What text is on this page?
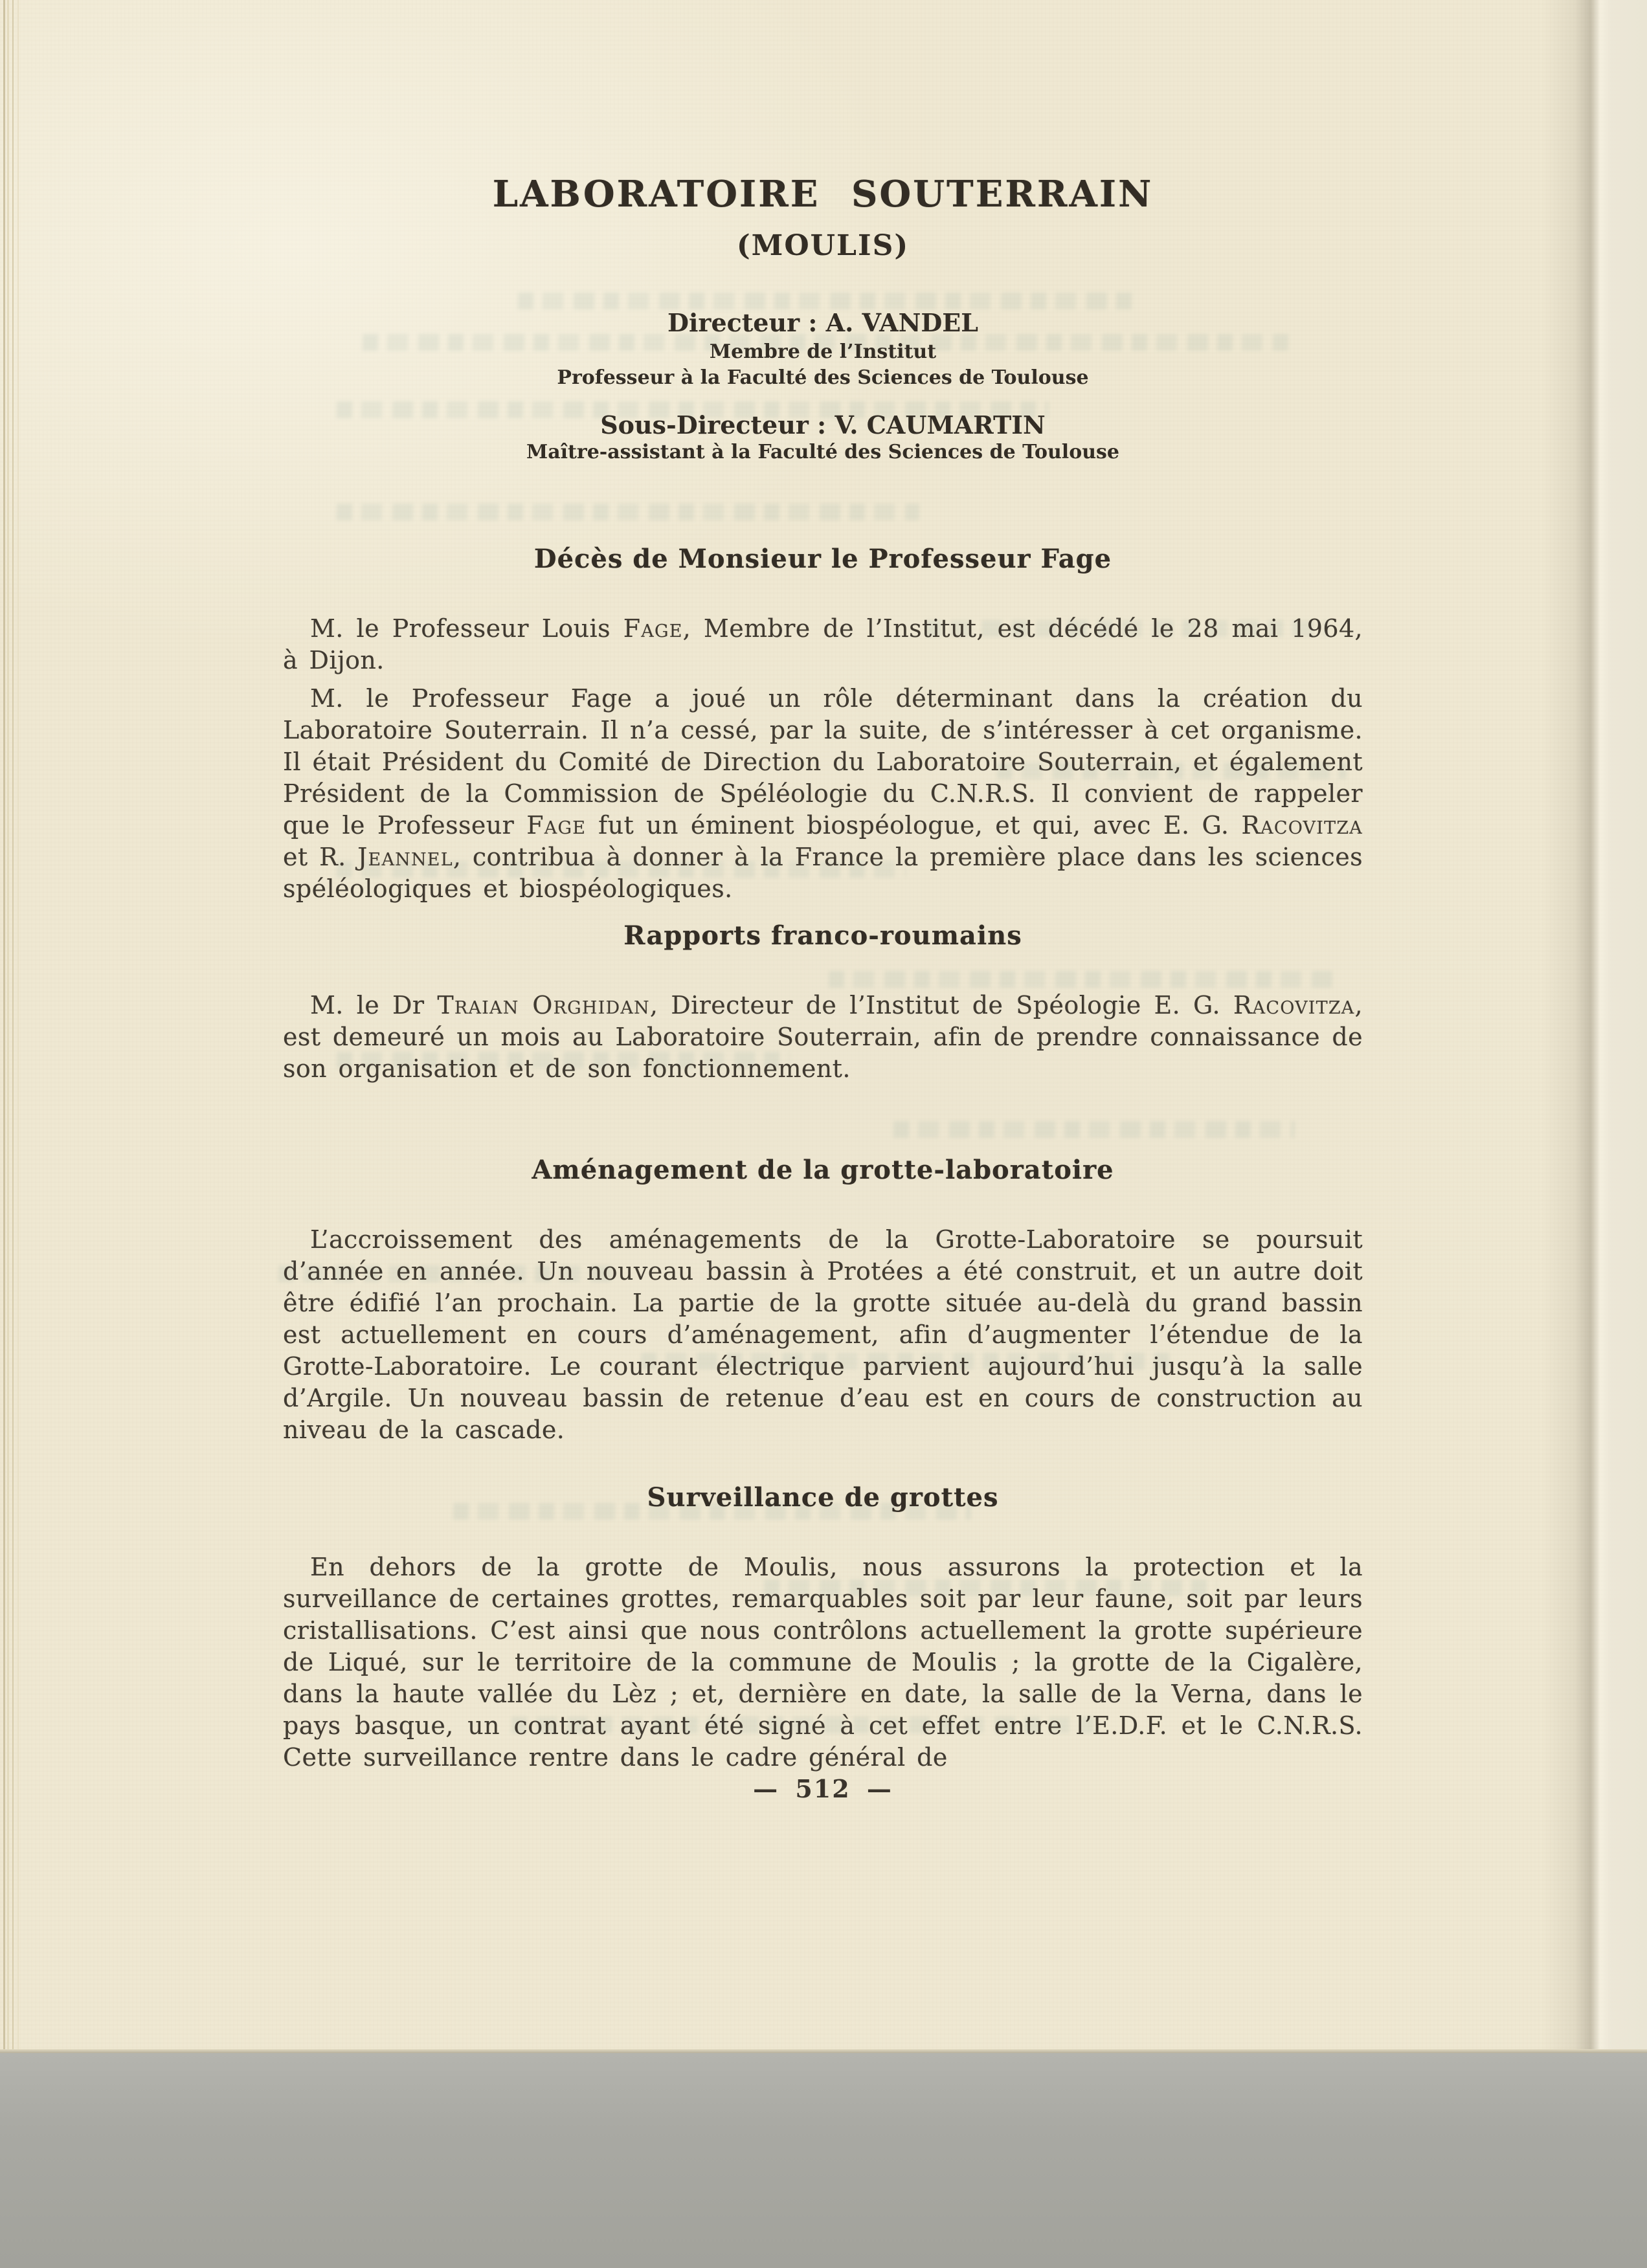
LABORATOIRE SOUTERRAIN
(MOULIS)
Directeur : A. VANDEL
Membre de l’Institut
Professeur à la Faculté des Sciences de Toulouse
Sous-Directeur : V. CAUMARTIN
Maître-assistant à la Faculté des Sciences de Toulouse
Décès de Monsieur le Professeur Fage

M. le Professeur Louis Fage, Membre de l’Institut, est décédé le 28 mai 1964, à Dijon.

M. le Professeur Fage a joué un rôle déterminant dans la création du Laboratoire Souterrain. Il n’a cessé, par la suite, de s’intéresser à cet organisme. Il était Président du Comité de Direction du Laboratoire Souterrain, et également Président de la Commission de Spéléologie du C.N.R.S. Il convient de rappeler que le Professeur Fage fut un éminent biospéologue, et qui, avec E. G. Racovitza et R. Jeannel, contribua à donner à la France la première place dans les sciences spéléologiques et biospéologiques.

Rapports franco-roumains

M. le Dr Traian Orghidan, Directeur de l’Institut de Spéologie E. G. Racovitza, est demeuré un mois au Laboratoire Souterrain, afin de prendre connaissance de son organisation et de son fonctionnement.

Aménagement de la grotte-laboratoire

L’accroissement des aménagements de la Grotte-Laboratoire se poursuit d’année en année. Un nouveau bassin à Protées a été construit, et un autre doit être édifié l’an prochain. La partie de la grotte située au-delà du grand bassin est actuellement en cours d’aménagement, afin d’augmenter l’étendue de la Grotte-Laboratoire. Le courant électrique parvient aujourd’hui jusqu’à la salle d’Argile. Un nouveau bassin de retenue d’eau est en cours de construction au niveau de la cascade.

Surveillance de grottes

En dehors de la grotte de Moulis, nous assurons la protection et la surveillance de certaines grottes, remarquables soit par leur faune, soit par leurs cristallisations. C’est ainsi que nous contrôlons actuellement la grotte supérieure de Liqué, sur le territoire de la commune de Moulis ; la grotte de la Cigalère, dans la haute vallée du Lèz ; et, dernière en date, la salle de la Verna, dans le pays basque, un contrat ayant été signé à cet effet entre l’E.D.F. et le C.N.R.S. Cette surveillance rentre dans le cadre général de

— 512 —
